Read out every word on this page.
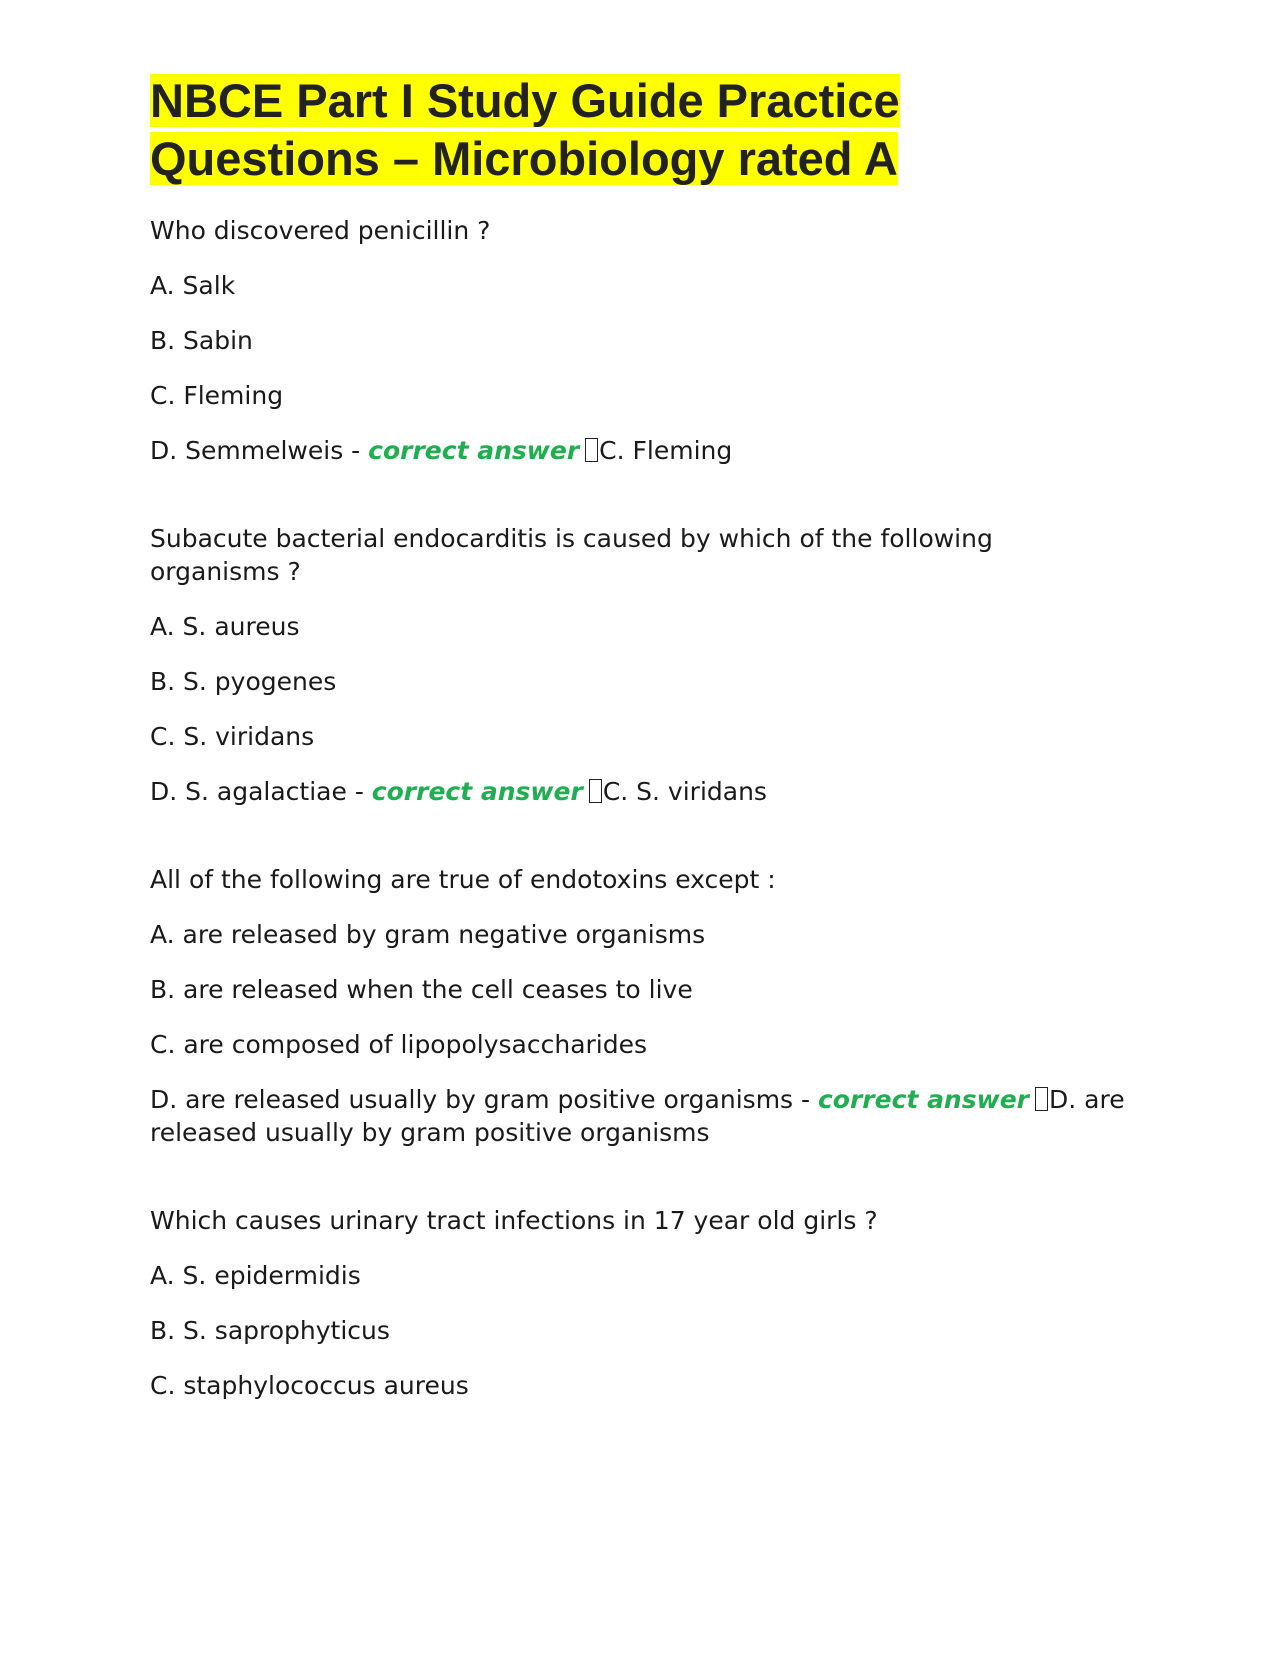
NBCE Part I Study Guide Practice Questions – Microbiology rated A

Who discovered penicillin ?

A. Salk

B. Sabin

C. Fleming

D. Semmelweis - correct answer C. Fleming

Subacute bacterial endocarditis is caused by which of the following organisms ?

A. S. aureus

B. S. pyogenes

C. S. viridans

D. S. agalactiae - correct answer C. S. viridans

All of the following are true of endotoxins except :

A. are released by gram negative organisms

B. are released when the cell ceases to live

C. are composed of lipopolysaccharides

D. are released usually by gram positive organisms - correct answer D. are released usually by gram positive organisms

Which causes urinary tract infections in 17 year old girls ?

A. S. epidermidis

B. S. saprophyticus

C. staphylococcus aureus
